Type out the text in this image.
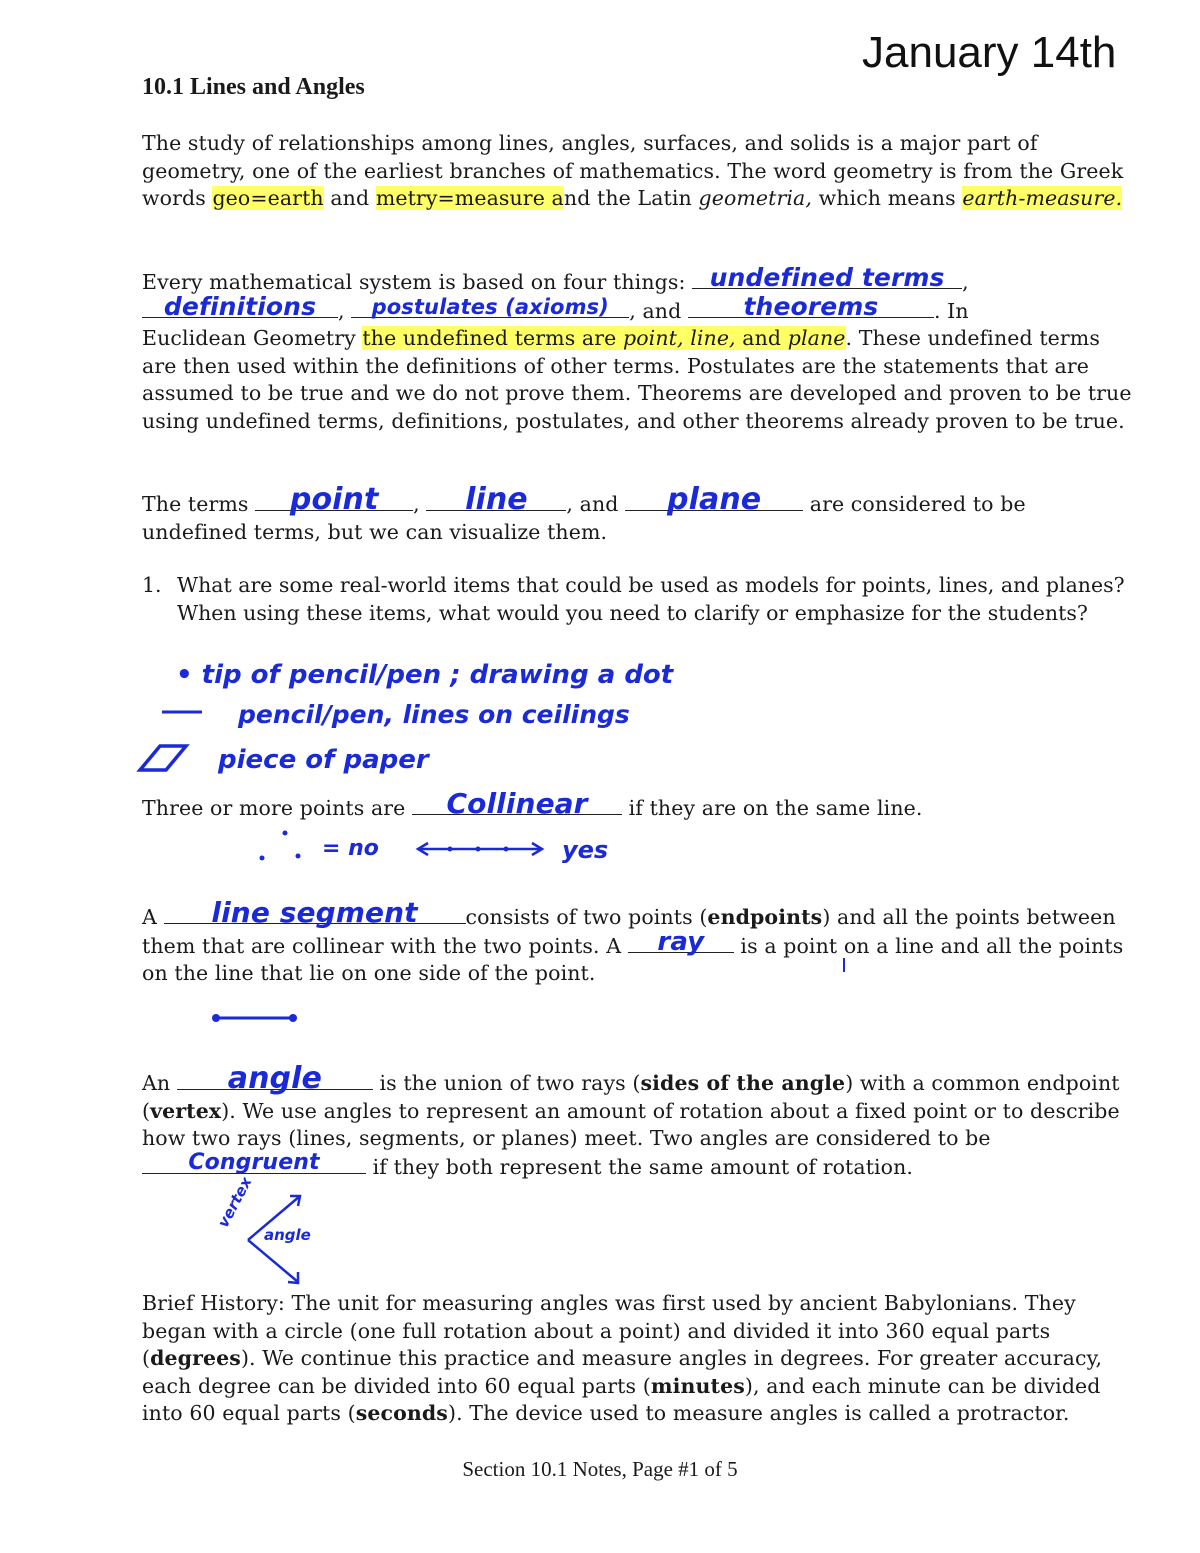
January 14th
10.1 Lines and Angles
The study of relationships among lines, angles, surfaces, and solids is a major part of geometry, one of the earliest branches of mathematics. The word geometry is from the Greek words geo=earth and metry=measure and the Latin geometria, which means earth-measure.
Every mathematical system is based on four things: undefined terms ,

definitions	,	postulates (axioms) , and	theorems	. In
Euclidean Geometry the undefined terms are point, line, and plane. These undefined terms are then used within the definitions of other terms. Postulates are the statements that are assumed to be true and we do not prove them. Theorems are developed and proven to be true using undefined terms, definitions, postulates, and other theorems already proven to be true.
The terms	point	,	line	, and	plane	are considered to be undefined terms, but we can visualize them.
1. What are some real-world items that could be used as models for points, lines, and planes? When using these items, what would you need to clarify or emphasize for the students?
• tip of pencil/pen ; drawing a dot
pencil/pen, lines on ceilings
piece of paper
Three or more points are	Collinear	if they are on the same line.
= no	yes
A	line segment	consists of two points (endpoints) and all the points between them that are collinear with the two points. A	ray	is a point on a line and all the points on the line that lie on one side of the point.
An	angle	is the union of two rays (sides of the angle) with a common endpoint (vertex). We use angles to represent an amount of rotation about a fixed point or to describe how two rays (lines, segments, or planes) meet. Two angles are considered to be
Congruent	if they both represent the same amount of rotation.
vertex
angle
Brief History: The unit for measuring angles was first used by ancient Babylonians. They began with a circle (one full rotation about a point) and divided it into 360 equal parts (degrees). We continue this practice and measure angles in degrees. For greater accuracy, each degree can be divided into 60 equal parts (minutes), and each minute can be divided into 60 equal parts (seconds). The device used to measure angles is called a protractor.
Section 10.1 Notes, Page #1 of 5
